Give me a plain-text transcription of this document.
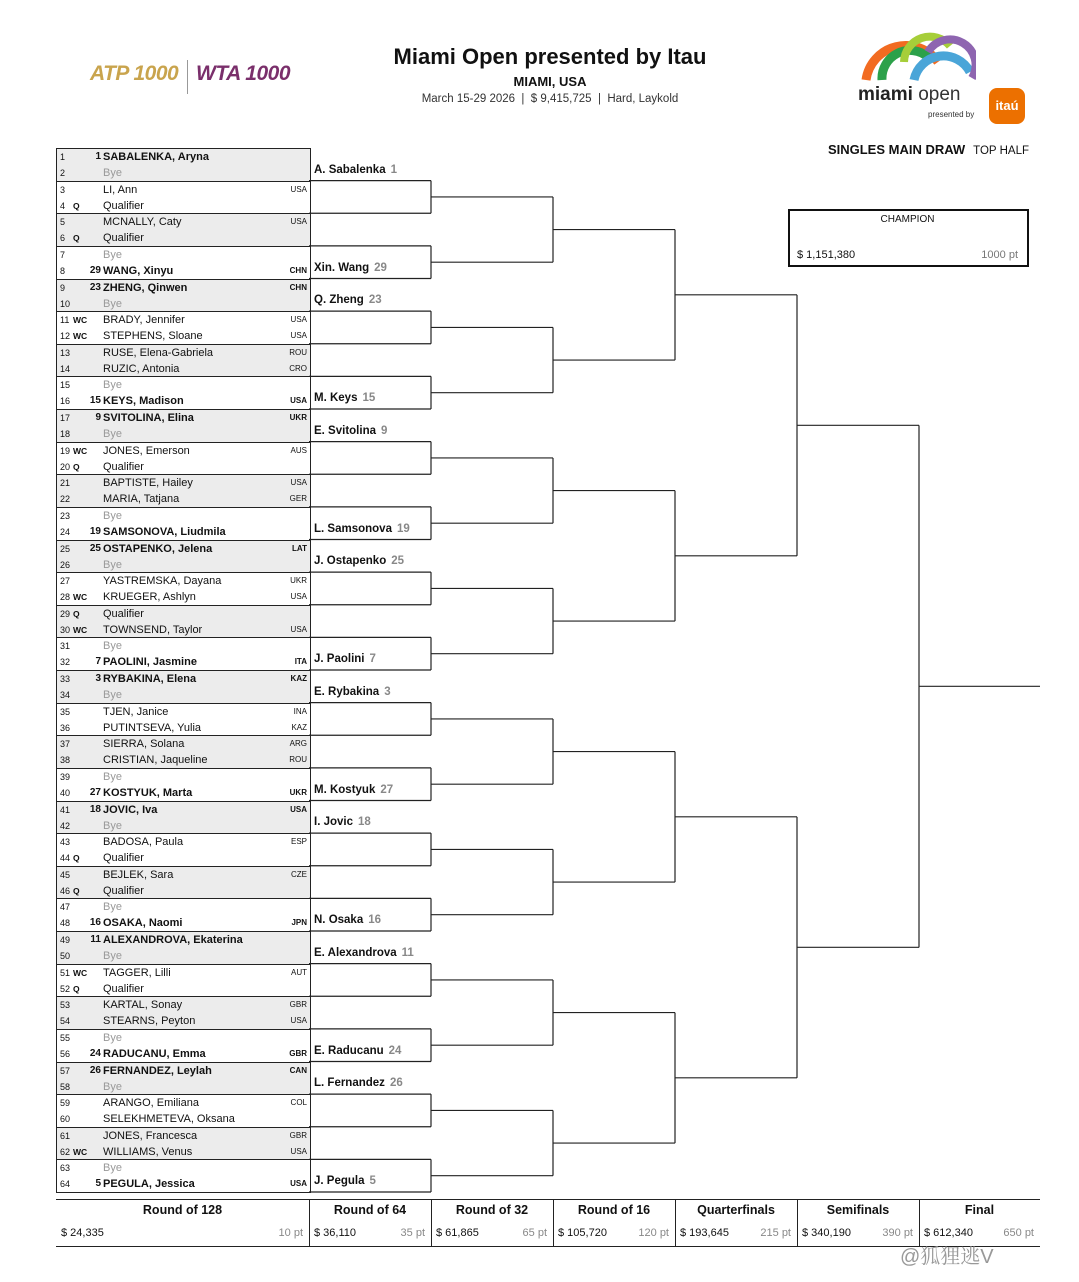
ATP 1000 WTA 1000
Miami Open presented by Itau
MIAMI, USA
March 15-29 2026  |  $ 9,415,725  |  Hard, Laykold	miami open
presented by
itaú
SINGLES MAIN DRAW TOP HALF
CHAMPION
$ 1,151,380	1000 pt
1	1 SABALENKA, Aryna
2	Bye
3	LI, Ann	USA
4 Q	Qualifier
5	MCNALLY, Caty	USA
6 Q	Qualifier
7	Bye
8	29 WANG, Xinyu	CHN
9	23 ZHENG, Qinwen	CHN
10	Bye
11 WC BRADY, Jennifer	USA
12 WC STEPHENS, Sloane	USA
13	RUSE, Elena-Gabriela	ROU
14	RUZIC, Antonia	CRO
15	Bye
16	15 KEYS, Madison	USA
17	9 SVITOLINA, Elina	UKR
18	Bye
19 WC JONES, Emerson	AUS
20 Q	Qualifier
21	BAPTISTE, Hailey	USA
22	MARIA, Tatjana	GER
23	Bye
24	19 SAMSONOVA, Liudmila
25	25 OSTAPENKO, Jelena	LAT
26	Bye
27	YASTREMSKA, Dayana	UKR
28 WC KRUEGER, Ashlyn	USA
29 Q	Qualifier
30 WC TOWNSEND, Taylor	USA
31	Bye
32	7 PAOLINI, Jasmine	ITA
33	3 RYBAKINA, Elena	KAZ
34	Bye
35	TJEN, Janice	INA
36	PUTINTSEVA, Yulia	KAZ
37	SIERRA, Solana	ARG
38	CRISTIAN, Jaqueline	ROU
39	Bye
40	27 KOSTYUK, Marta	UKR
41	18 JOVIC, Iva	USA
42	Bye
43	BADOSA, Paula	ESP
44 Q	Qualifier
45	BEJLEK, Sara	CZE
46 Q	Qualifier
47	Bye
48	16 OSAKA, Naomi	JPN
49	11 ALEXANDROVA, Ekaterina
50	Bye
51 WC TAGGER, Lilli	AUT
52 Q	Qualifier
53	KARTAL, Sonay	GBR
54	STEARNS, Peyton	USA
55	Bye
56	24 RADUCANU, Emma	GBR
57	26 FERNANDEZ, Leylah	CAN
58	Bye
59	ARANGO, Emiliana	COL
60	SELEKHMETEVA, Oksana
61	JONES, Francesca	GBR
62 WC WILLIAMS, Venus	USA
63	Bye
64	5 PEGULA, Jessica	USA
A. Sabalenka 1
Xin. Wang 29
Q. Zheng 23
M. Keys 15
E. Svitolina 9
L. Samsonova 19
J. Ostapenko 25
J. Paolini 7
E. Rybakina 3
M. Kostyuk 27
I. Jovic 18
N. Osaka 16
E. Alexandrova 11
E. Raducanu 24
L. Fernandez 26
J. Pegula 5
Round of 128
$ 24,335	10 pt
Round of 64
$ 36,110	35 pt
Round of 32
$ 61,865	65 pt
Round of 16
$ 105,720	120 pt
Quarterfinals
$ 193,645	215 pt
Semifinals
$ 340,190	390 pt
Final
$ 612,340	650 pt
@狐狸逃V
